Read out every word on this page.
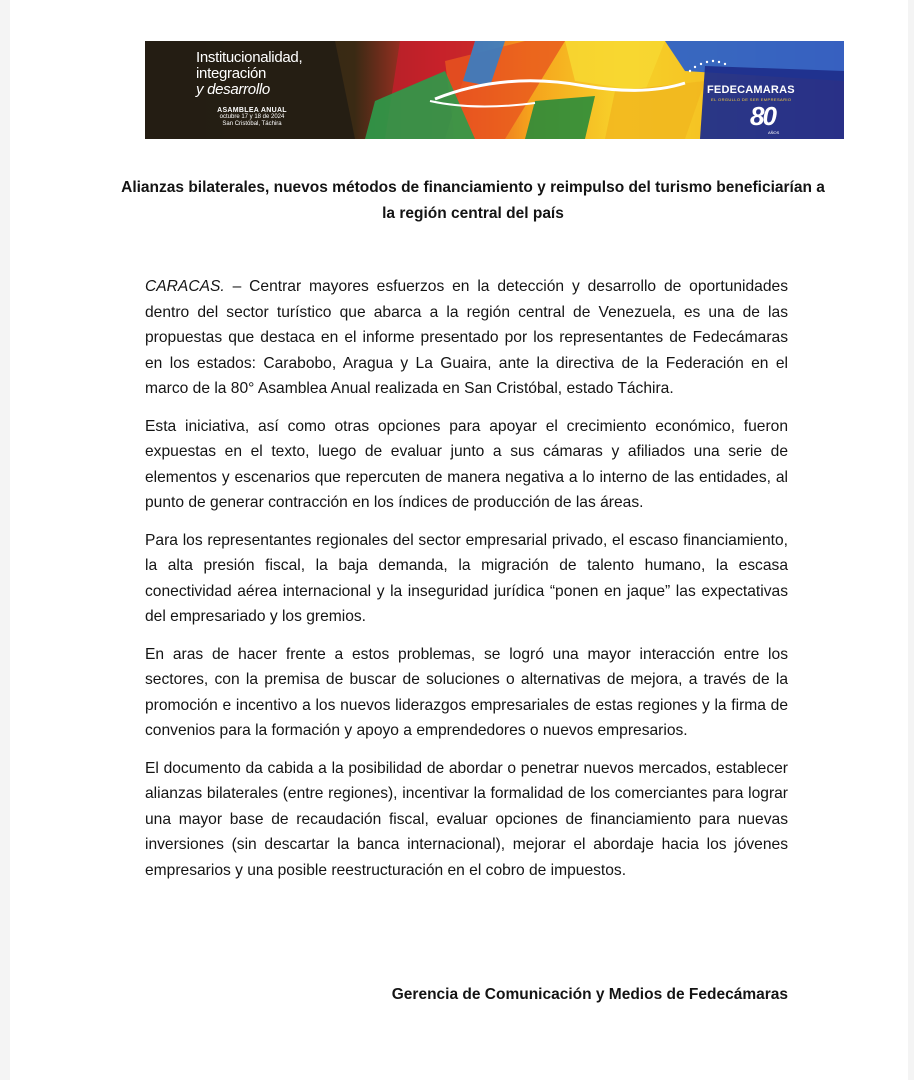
Institucionalidad,
integración
y desarrollo
ASAMBLEA ANUAL
octubre 17 y 18 de 2024
San Cristóbal, Táchira
FEDECAMARAS
EL ORGULLO DE SER EMPRESARIO
80
AÑOS
Alianzas bilaterales, nuevos métodos de financiamiento y reimpulso del turismo beneficiarían a la región central del país

CARACAS. – Centrar mayores esfuerzos en la detección y desarrollo de oportunidades dentro del sector turístico que abarca a la región central de Venezuela, es una de las propuestas que destaca en el informe presentado por los representantes de Fedecámaras en los estados: Carabobo, Aragua y La Guaira, ante la directiva de la Federación en el marco de la 80° Asamblea Anual realizada en San Cristóbal, estado Táchira.

Esta iniciativa, así como otras opciones para apoyar el crecimiento económico, fueron expuestas en el texto, luego de evaluar junto a sus cámaras y afiliados una serie de elementos y escenarios que repercuten de manera negativa a lo interno de las entidades, al punto de generar contracción en los índices de producción de las áreas.

Para los representantes regionales del sector empresarial privado, el escaso financiamiento, la alta presión fiscal, la baja demanda, la migración de talento humano, la escasa conectividad aérea internacional y la inseguridad jurídica “ponen en jaque” las expectativas del empresariado y los gremios.

En aras de hacer frente a estos problemas, se logró una mayor interacción entre los sectores, con la premisa de buscar de soluciones o alternativas de mejora, a través de la promoción e incentivo a los nuevos liderazgos empresariales de estas regiones y la firma de convenios para la formación y apoyo a emprendedores o nuevos empresarios.

El documento da cabida a la posibilidad de abordar o penetrar nuevos mercados, establecer alianzas bilaterales (entre regiones), incentivar la formalidad de los comerciantes para lograr una mayor base de recaudación fiscal, evaluar opciones de financiamiento para nuevas inversiones (sin descartar la banca internacional), mejorar el abordaje hacia los jóvenes empresarios y una posible reestructuración en el cobro de impuestos.

Gerencia de Comunicación y Medios de Fedecámaras
